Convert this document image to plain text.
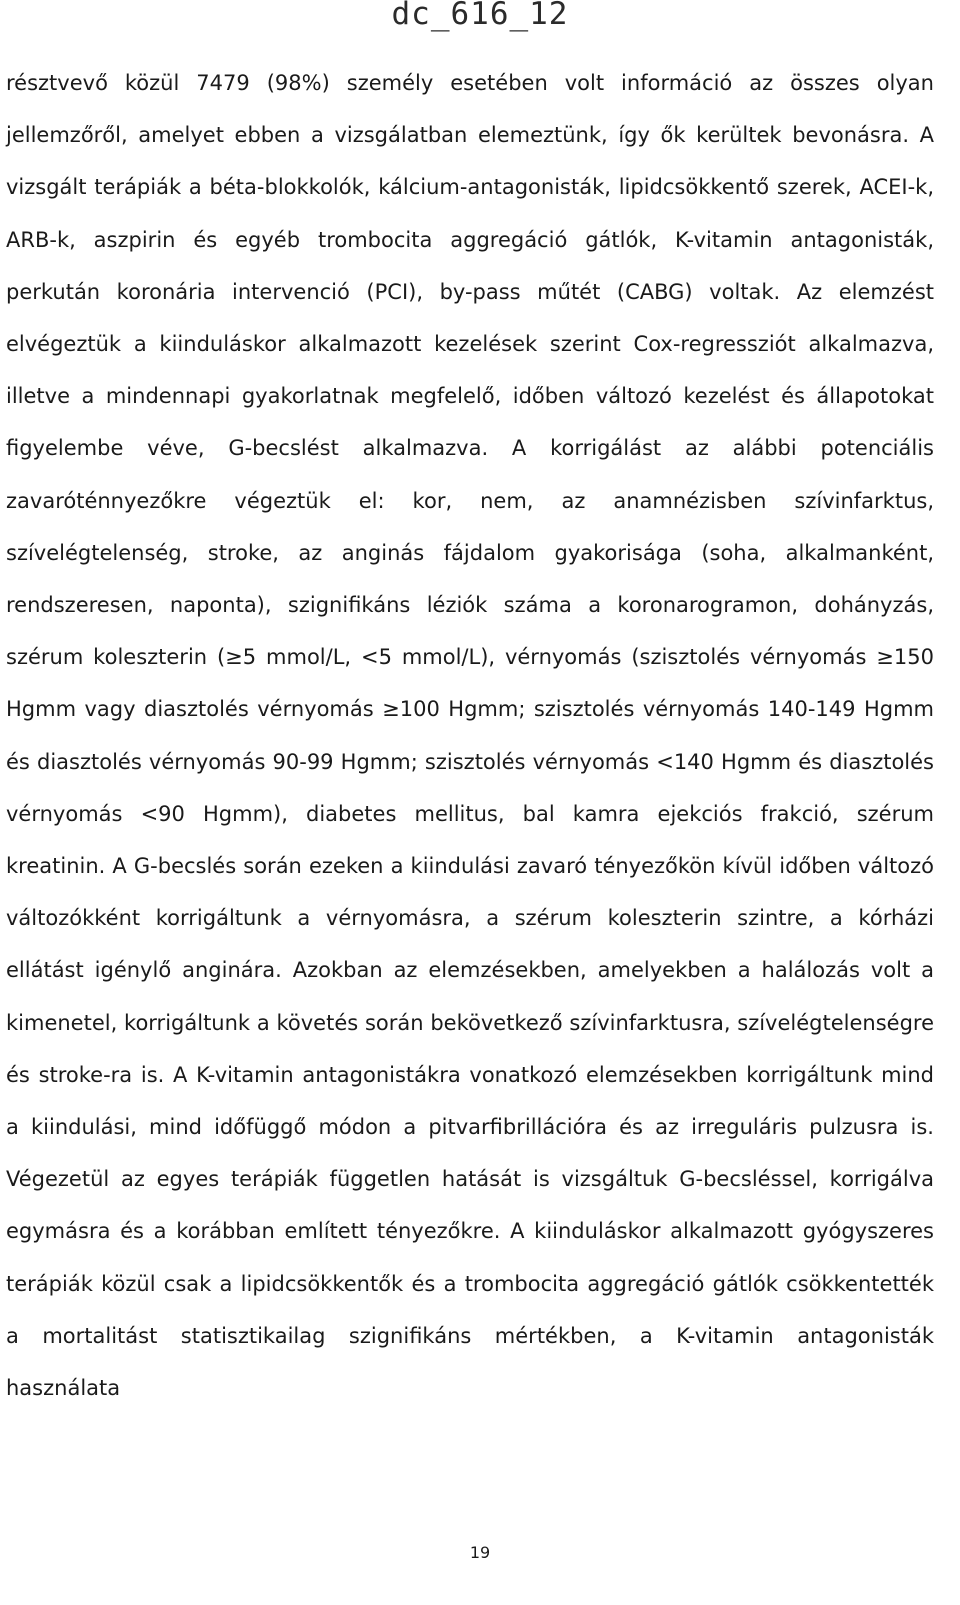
dc_616_12

résztvevő közül 7479 (98%) személy esetében volt információ az összes olyan jellemzőről, amelyet ebben a vizsgálatban elemeztünk, így ők kerültek bevonásra. A vizsgált terápiák a béta-blokkolók, kálcium-antagonisták, lipidcsökkentő szerek, ACEI-k, ARB-k, aszpirin és egyéb trombocita aggregáció gátlók, K-vitamin antagonisták, perkután koronária intervenció (PCI), by-pass műtét (CABG) voltak. Az elemzést elvégeztük a kiinduláskor alkalmazott kezelések szerint Cox-regressziót alkalmazva, illetve a mindennapi gyakorlatnak megfelelő, időben változó kezelést és állapotokat figyelembe véve, G-becslést alkalmazva. A korrigálást az alábbi potenciális zavaróténnyezőkre végeztük el: kor, nem, az anamnézisben szívinfarktus, szívelégtelenség, stroke, az anginás fájdalom gyakorisága (soha, alkalmanként, rendszeresen, naponta), szignifikáns léziók száma a koronarogramon, dohányzás, szérum koleszterin (≥5 mmol/L, <5 mmol/L), vérnyomás (szisztolés vérnyomás ≥150 Hgmm vagy diasztolés vérnyomás ≥100 Hgmm; szisztolés vérnyomás 140-149 Hgmm és diasztolés vérnyomás 90-99 Hgmm; szisztolés vérnyomás <140 Hgmm és diasztolés vérnyomás <90 Hgmm), diabetes mellitus, bal kamra ejekciós frakció, szérum kreatinin. A G-becslés során ezeken a kiindulási zavaró tényezőkön kívül időben változó változókként korrigáltunk a vérnyomásra, a szérum koleszterin szintre, a kórházi ellátást igénylő anginára. Azokban az elemzésekben, amelyekben a halálozás volt a kimenetel, korrigáltunk a követés során bekövetkező szívinfarktusra, szívelégtelenségre és stroke-ra is. A K-vitamin antagonistákra vonatkozó elemzésekben korrigáltunk mind a kiindulási, mind időfüggő módon a pitvarfibrillációra és az irreguláris pulzusra is. Végezetül az egyes terápiák független hatását is vizsgáltuk G-becsléssel, korrigálva egymásra és a korábban említett tényezőkre. A kiinduláskor alkalmazott gyógyszeres terápiák közül csak a lipidcsökkentők és a trombocita aggregáció gátlók csökkentették a mortalitást statisztikailag szignifikáns mértékben, a K-vitamin antagonisták használata

19
